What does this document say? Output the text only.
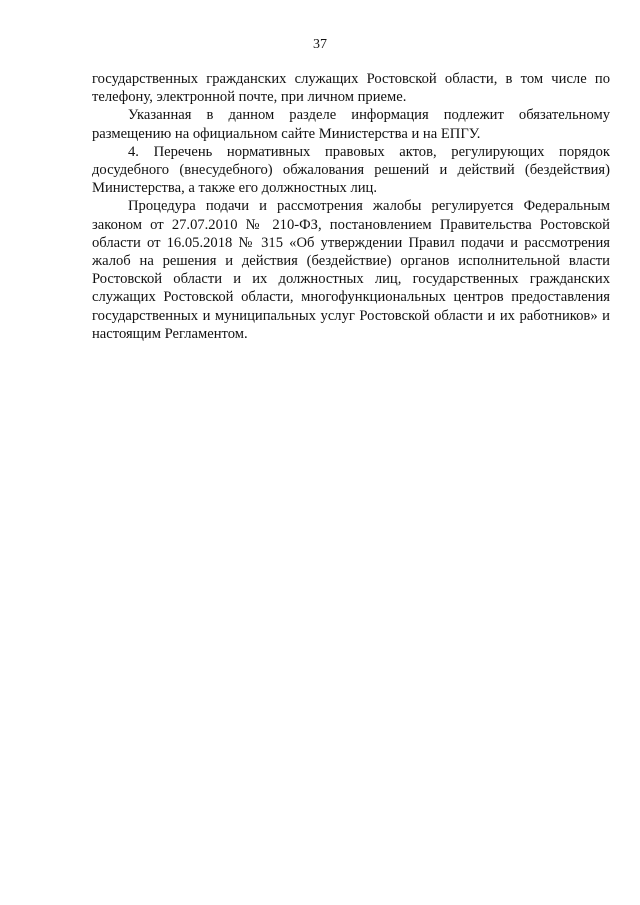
37

государственных гражданских служащих Ростовской области, в том числе по телефону, электронной почте, при личном приеме.

Указанная в данном разделе информация подлежит обязательному размещению на официальном сайте Министерства и на ЕПГУ.

4. Перечень нормативных правовых актов, регулирующих порядок досудебного (внесудебного) обжалования решений и действий (бездействия) Министерства, а также его должностных лиц.

Процедура подачи и рассмотрения жалобы регулируется Федеральным законом от 27.07.2010 № 210-ФЗ, постановлением Правительства Ростовской области от 16.05.2018 № 315 «Об утверждении Правил подачи и рассмотрения жалоб на решения и действия (бездействие) органов исполнительной власти Ростовской области и их должностных лиц, государственных гражданских служащих Ростовской области, многофункциональных центров предоставления государственных и муниципальных услуг Ростовской области и их работников» и настоящим Регламентом.
